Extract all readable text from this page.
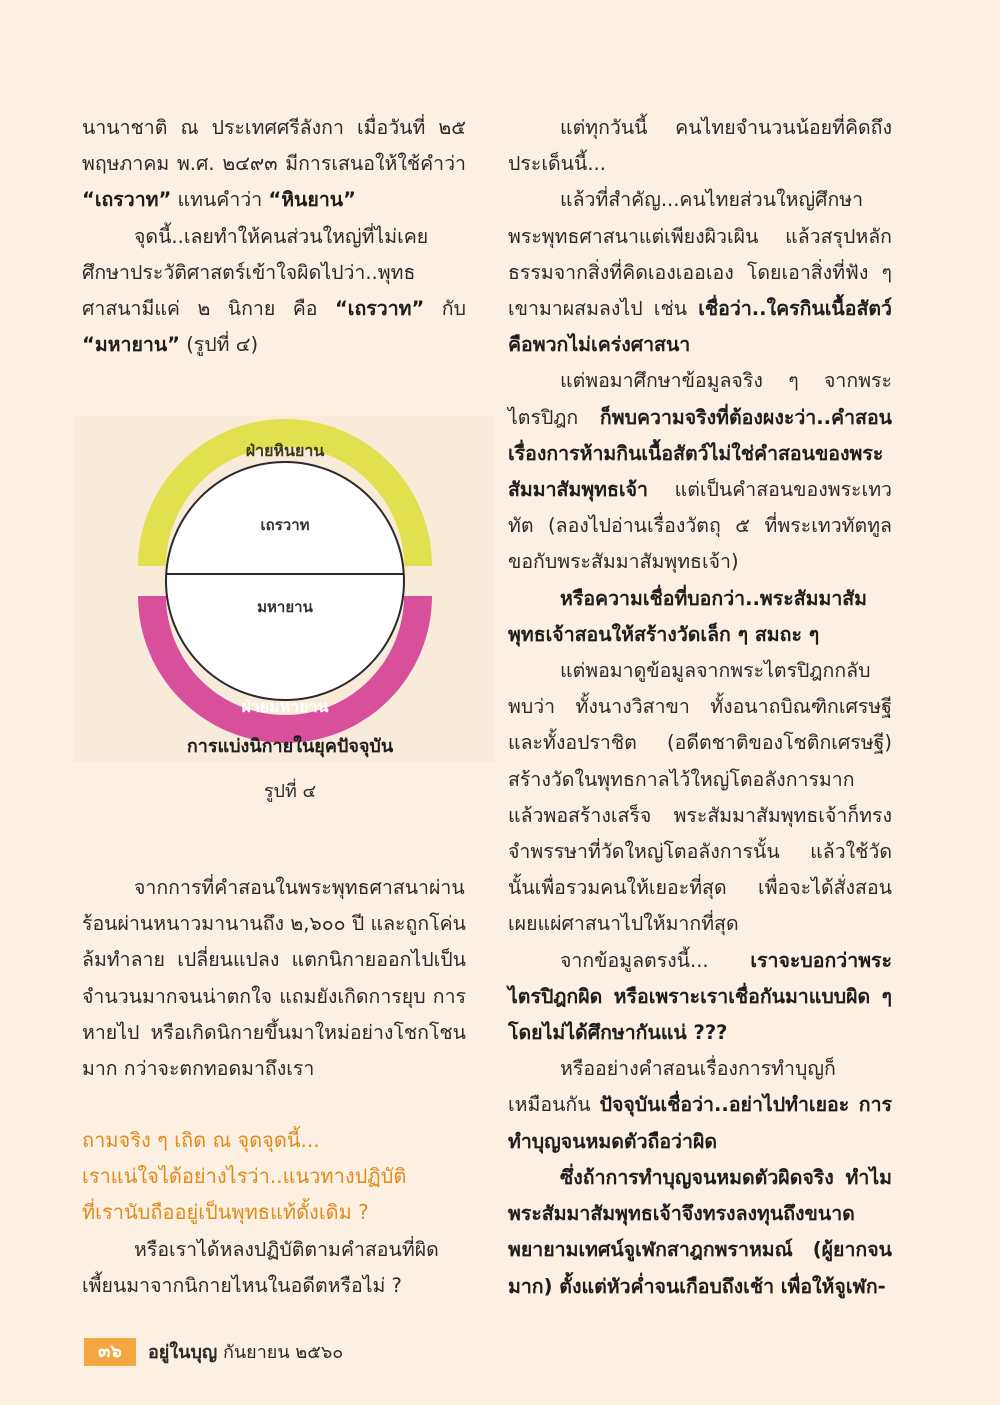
นานาชาติ ณ ประเทศศรีลังกา เมื่อวันที่ ๒๕ พฤษภาคม พ.ศ. ๒๔๙๓ มีการเสนอให้ใช้คำว่า “เถรวาท” แทนคำว่า “หินยาน”

จุดนี้..เลยทำให้คนส่วนใหญ่ที่ไม่เคยศึกษาประวัติศาสตร์เข้าใจผิดไปว่า..พุทธศาสนามีแค่ ๒ นิกาย คือ “เถรวาท” กับ “มหายาน” (รูปที่ ๔)

ฝ่ายหินยาน
เถรวาท
มหายาน
ฝ่ายมหายาน
การแบ่งนิกายในยุคปัจจุบัน
รูปที่ ๔

จากการที่คำสอนในพระพุทธศาสนาผ่านร้อนผ่านหนาวมานานถึง ๒,๖๐๐ ปี และถูกโค่นล้มทำลาย เปลี่ยนแปลง แตกนิกายออกไปเป็นจำนวนมากจนน่าตกใจ แถมยังเกิดการยุบ การหายไป หรือเกิดนิกายขึ้นมาใหม่อย่างโชกโชนมาก กว่าจะตกทอดมาถึงเรา

ถามจริง ๆ เถิด ณ จุดจุดนี้...

เราแน่ใจได้อย่างไรว่า..แนวทางปฏิบัติ

ที่เรานับถืออยู่เป็นพุทธแท้ดั้งเดิม ?

หรือเราได้หลงปฏิบัติตามคำสอนที่ผิดเพี้ยนมาจากนิกายไหนในอดีตหรือไม่ ?

แต่ทุกวันนี้ คนไทยจำนวนน้อยที่คิดถึงประเด็นนี้...

แล้วที่สำคัญ...คนไทยส่วนใหญ่ศึกษาพระพุทธศาสนาแต่เพียงผิวเผิน แล้วสรุปหลักธรรมจากสิ่งที่คิดเองเออเอง โดยเอาสิ่งที่ฟัง ๆ เขามาผสมลงไป เช่น เชื่อว่า..ใครกินเนื้อสัตว์คือพวกไม่เคร่งศาสนา

แต่พอมาศึกษาข้อมูลจริง ๆ จากพระไตรปิฎก ก็พบความจริงที่ต้องผงะว่า..คำสอนเรื่องการห้ามกินเนื้อสัตว์ไม่ใช่คำสอนของพระสัมมาสัมพุทธเจ้า แต่เป็นคำสอนของพระเทวทัต (ลองไปอ่านเรื่องวัตถุ ๕ ที่พระเทวทัตทูลขอกับพระสัมมาสัมพุทธเจ้า)

หรือความเชื่อที่บอกว่า..พระสัมมาสัมพุทธเจ้าสอนให้สร้างวัดเล็ก ๆ สมถะ ๆ

แต่พอมาดูข้อมูลจากพระไตรปิฎกกลับพบว่า ทั้งนางวิสาขา ทั้งอนาถบิณฑิกเศรษฐี และทั้งอปราชิต (อดีตชาติของโชติกเศรษฐี) สร้างวัดในพุทธกาลไว้ใหญ่โตอลังการมาก แล้วพอสร้างเสร็จ พระสัมมาสัมพุทธเจ้าก็ทรงจำพรรษาที่วัดใหญ่โตอลังการนั้น แล้วใช้วัดนั้นเพื่อรวมคนให้เยอะที่สุด เพื่อจะได้สั่งสอนเผยแผ่ศาสนาไปให้มากที่สุด

จากข้อมูลตรงนี้... เราจะบอกว่าพระไตรปิฎกผิด หรือเพราะเราเชื่อกันมาแบบผิด ๆ โดยไม่ได้ศึกษากันแน่ ???

หรืออย่างคำสอนเรื่องการทำบุญก็เหมือนกัน ปัจจุบันเชื่อว่า..อย่าไปทำเยอะ การทำบุญจนหมดตัวถือว่าผิด

ซึ่งถ้าการทำบุญจนหมดตัวผิดจริง ทำไมพระสัมมาสัมพุทธเจ้าจึงทรงลงทุนถึงขนาดพยายามเทศน์จูเฬกสาฎกพราหมณ์ (ผู้ยากจนมาก) ตั้งแต่หัวค่ำจนเกือบถึงเช้า เพื่อให้จูเฬก-

๓๖	อยู่ในบุญ กันยายน ๒๕๖๐
